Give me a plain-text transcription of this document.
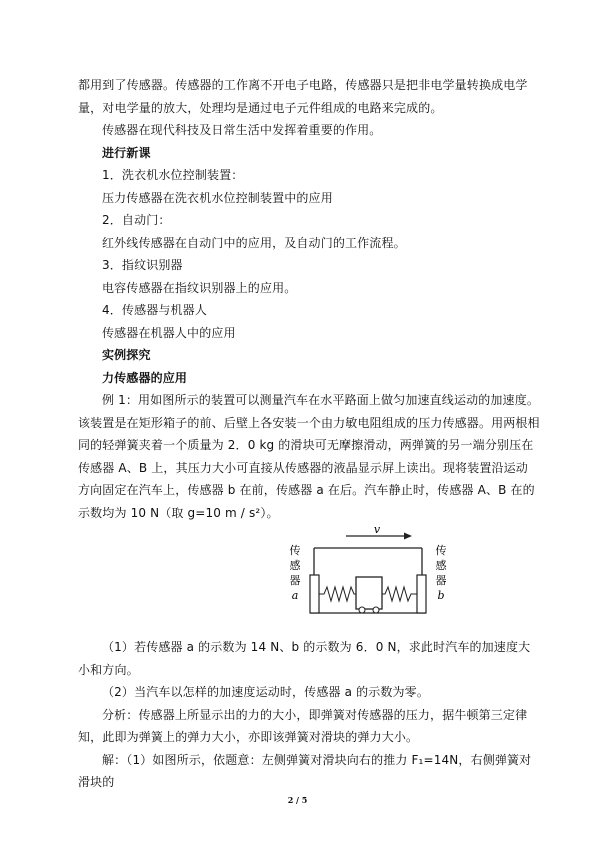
都用到了传感器。传感器的工作离不开电子电路，传感器只是把非电学量转换成电学量，对电学量的放大，处理均是通过电子元件组成的电路来完成的。

传感器在现代科技及日常生活中发挥着重要的作用。

进行新课

1．洗衣机水位控制装置：

压力传感器在洗衣机水位控制装置中的应用

2．自动门：

红外线传感器在自动门中的应用，及自动门的工作流程。

3．指纹识别器

电容传感器在指纹识别器上的应用。

4．传感器与机器人

传感器在机器人中的应用

实例探究

力传感器的应用

例 1：用如图所示的装置可以测量汽车在水平路面上做匀加速直线运动的加速度。该装置是在矩形箱子的前、后壁上各安装一个由力敏电阻组成的压力传感器。用两根相同的轻弹簧夹着一个质量为 2．0 kg 的滑块可无摩擦滑动，两弹簧的另一端分别压在传感器 A、B 上，其压力大小可直接从传感器的液晶显示屏上读出。现将装置沿运动方向固定在汽车上，传感器 b 在前，传感器 a 在后。汽车静止时，传感器 A、B 在的示数均为 10 N（取 g=10 m / s²）。

v
传
感
器
a
传
感
器
b

（1）若传感器 a 的示数为 14 N、b 的示数为 6．0 N，求此时汽车的加速度大小和方向。

（2）当汽车以怎样的加速度运动时，传感器 a 的示数为零。

分析：传感器上所显示出的力的大小，即弹簧对传感器的压力，据牛顿第三定律知，此即为弹簧上的弹力大小，亦即该弹簧对滑块的弹力大小。

解：（1）如图所示，依题意：左侧弹簧对滑块向右的推力 F₁=14N，右侧弹簧对滑块的

2 / 5
